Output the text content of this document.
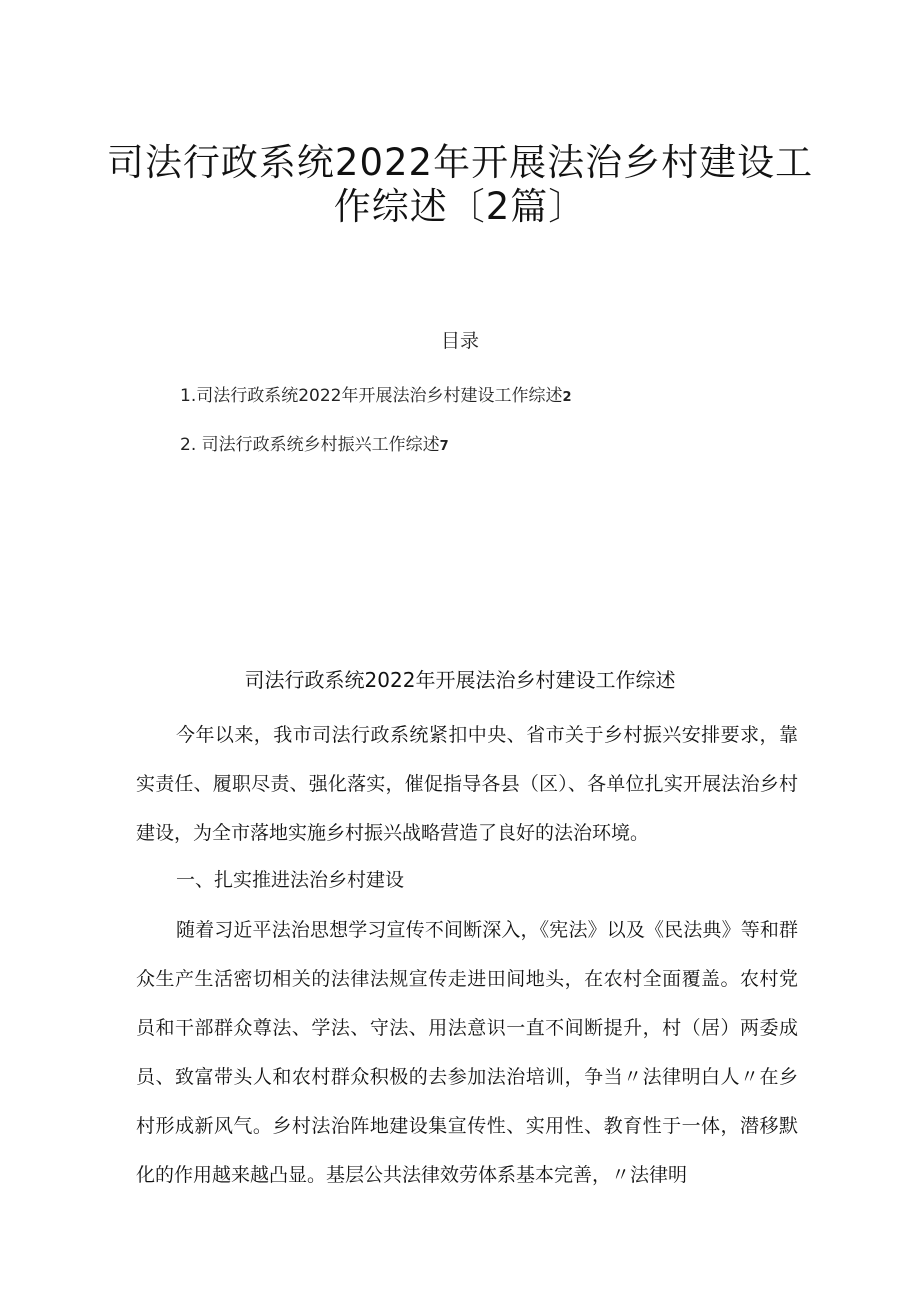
司法行政系统2022年开展法治乡村建设工
作综述〔2篇〕
目录
1.司法行政系统2022年开展法治乡村建设工作综述2
2. 司法行政系统乡村振兴工作综述7
司法行政系统2022年开展法治乡村建设工作综述
今年以来，我市司法行政系统紧扣中央、省市关于乡村振兴安排要求，靠实责任、履职尽责、强化落实，催促指导各县（区）、各单位扎实开展法治乡村建设，为全市落地实施乡村振兴战略营造了良好的法治环境。
一、扎实推进法治乡村建设
随着习近平法治思想学习宣传不间断深入，《宪法》以及《民法典》等和群众生产生活密切相关的法律法规宣传走进田间地头，在农村全面覆盖。农村党员和干部群众尊法、学法、守法、用法意识一直不间断提升，村（居）两委成员、致富带头人和农村群众积极的去参加法治培训，争当〃法律明白人〃在乡村形成新风气。乡村法治阵地建设集宣传性、实用性、教育性于一体，潜移默化的作用越来越凸显。基层公共法律效劳体系基本完善，〃法律明
